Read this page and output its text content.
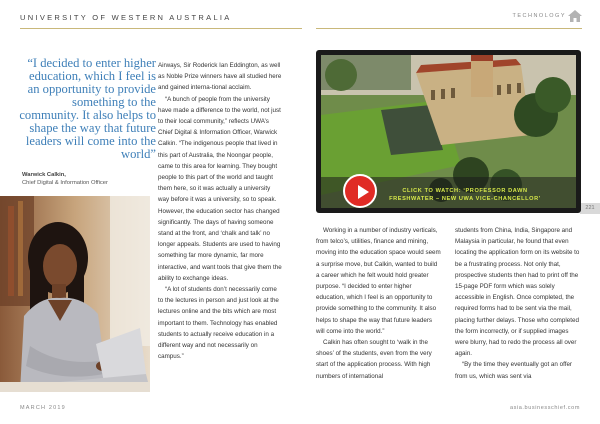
UNIVERSITY OF WESTERN AUSTRALIA	TECHNOLOGY
“I decided to enter higher education, which I feel is an opportunity to provide something to the community. It also helps to shape the way that future leaders will come into the world”
Warwick Calkin,
Chief Digital & Information Officer
221

Airways, Sir Roderick Ian Eddington, as well as Noble Prize winners have all studied here and gained interna-tional acclaim.

“A bunch of people from the university have made a difference to the world, not just to their local community,” reflects UWA’s Chief Digital & Information Officer, Warwick Calkin. “The indigenous people that lived in this part of Australia, the Noongar people, came to this area for learning. They bought people to this part of the world and taught them here, so it was actually a university way before it was a university, so to speak. However, the education sector has changed significantly. The days of having someone stand at the front, and ‘chalk and talk’ no longer appeals. Students are used to having something far more dynamic, far more interactive, and want tools that give them the ability to exchange ideas.

“A lot of students don’t necessarily come to the lectures in person and just look at the lectures online and the bits which are most important to them. Technology has enabled students to actually receive education in a different way and not necessarily on campus.”

CLICK TO WATCH: ‘PROFESSOR DAWN FRESHWATER – NEW UWA VICE-CHANCELLOR’

Working in a number of industry verticals, from telco’s, utilities, finance and mining, moving into the education space would seem a surprise move, but Calkin, wanted to build a career which he felt would hold greater purpose. “I decided to enter higher education, which I feel is an opportunity to provide something to the community. It also helps to shape the way that future leaders will come into the world.”

Calkin has often sought to ‘walk in the shoes’ of the students, even from the very start of the application process. With high numbers of international

students from China, India, Singapore and Malaysia in particular, he found that even locating the application form on its website to be a frustrating process. Not only that, prospective students then had to print off the 15-page PDF form which was solely accessible in English. Once completed, the required forms had to be sent via the mail, placing further delays. Those who completed the form incorrectly, or if supplied images were blurry, had to redo the process all over again.

“By the time they eventually got an offer from us, which was sent via

MARCH 2019	asia.businesschief.com
